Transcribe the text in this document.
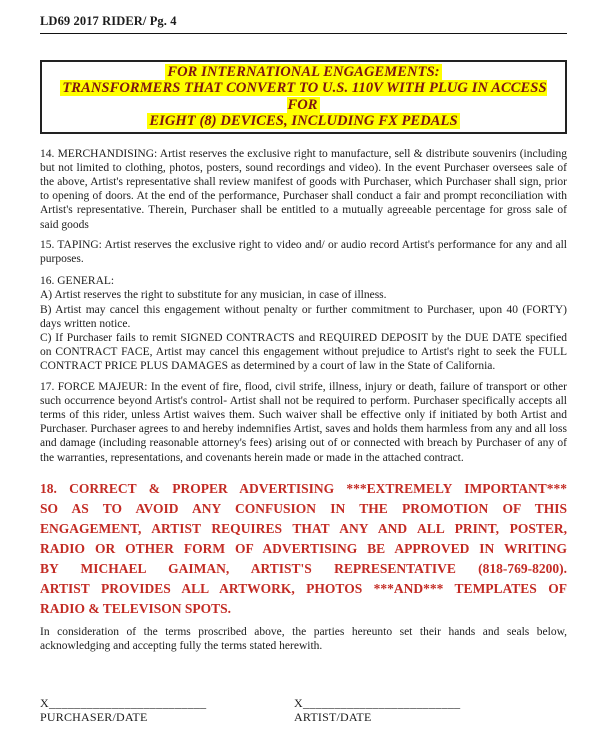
LD69 2017 RIDER/ Pg. 4
FOR INTERNATIONAL ENGAGEMENTS:
TRANSFORMERS THAT CONVERT TO U.S. 110V WITH PLUG IN ACCESS FOR
EIGHT (8) DEVICES, INCLUDING FX PEDALS

14. MERCHANDISING: Artist reserves the exclusive right to manufacture, sell & distribute souvenirs (including but not limited to clothing, photos, posters, sound recordings and video). In the event Purchaser oversees sale of the above, Artist's representative shall review manifest of goods with Purchaser, which Purchaser shall sign, prior to opening of doors. At the end of the performance, Purchaser shall conduct a fair and prompt reconciliation with Artist's representative. Therein, Purchaser shall be entitled to a mutually agreeable percentage for gross sale of said goods

15. TAPING: Artist reserves the exclusive right to video and/ or audio record Artist's performance for any and all purposes.

16. GENERAL:
A) Artist reserves the right to substitute for any musician, in case of illness.
B) Artist may cancel this engagement without penalty or further commitment to Purchaser, upon 40 (FORTY) days written notice.
C) If Purchaser fails to remit SIGNED CONTRACTS and REQUIRED DEPOSIT by the DUE DATE specified on CONTRACT FACE, Artist may cancel this engagement without prejudice to Artist's right to seek the FULL CONTRACT PRICE PLUS DAMAGES as determined by a court of law in the State of California.

17. FORCE MAJEUR: In the event of fire, flood, civil strife, illness, injury or death, failure of transport or other such occurrence beyond Artist's control- Artist shall not be required to perform. Purchaser specifically accepts all terms of this rider, unless Artist waives them. Such waiver shall be effective only if initiated by both Artist and Purchaser. Purchaser agrees to and hereby indemnifies Artist, saves and holds them harmless from any and all loss and damage (including reasonable attorney's fees) arising out of or connected with breach by Purchaser of any of the warranties, representations, and covenants herein made or made in the attached contract.

18. CORRECT & PROPER ADVERTISING ***EXTREMELY IMPORTANT***
SO AS TO AVOID ANY CONFUSION IN THE PROMOTION OF THIS
ENGAGEMENT, ARTIST REQUIRES THAT ANY AND ALL PRINT, POSTER,
RADIO OR OTHER FORM OF ADVERTISING BE APPROVED IN WRITING
BY MICHAEL GAIMAN, ARTIST'S REPRESENTATIVE (818-769-8200).
ARTIST PROVIDES ALL ARTWORK, PHOTOS ***AND*** TEMPLATES OF
RADIO & TELEVISON SPOTS.

In consideration of the terms proscribed above, the parties hereunto set their hands and seals below, acknowledging and accepting fully the terms stated herewith.

X_________________________
PURCHASER/DATE
X_________________________
ARTIST/DATE
